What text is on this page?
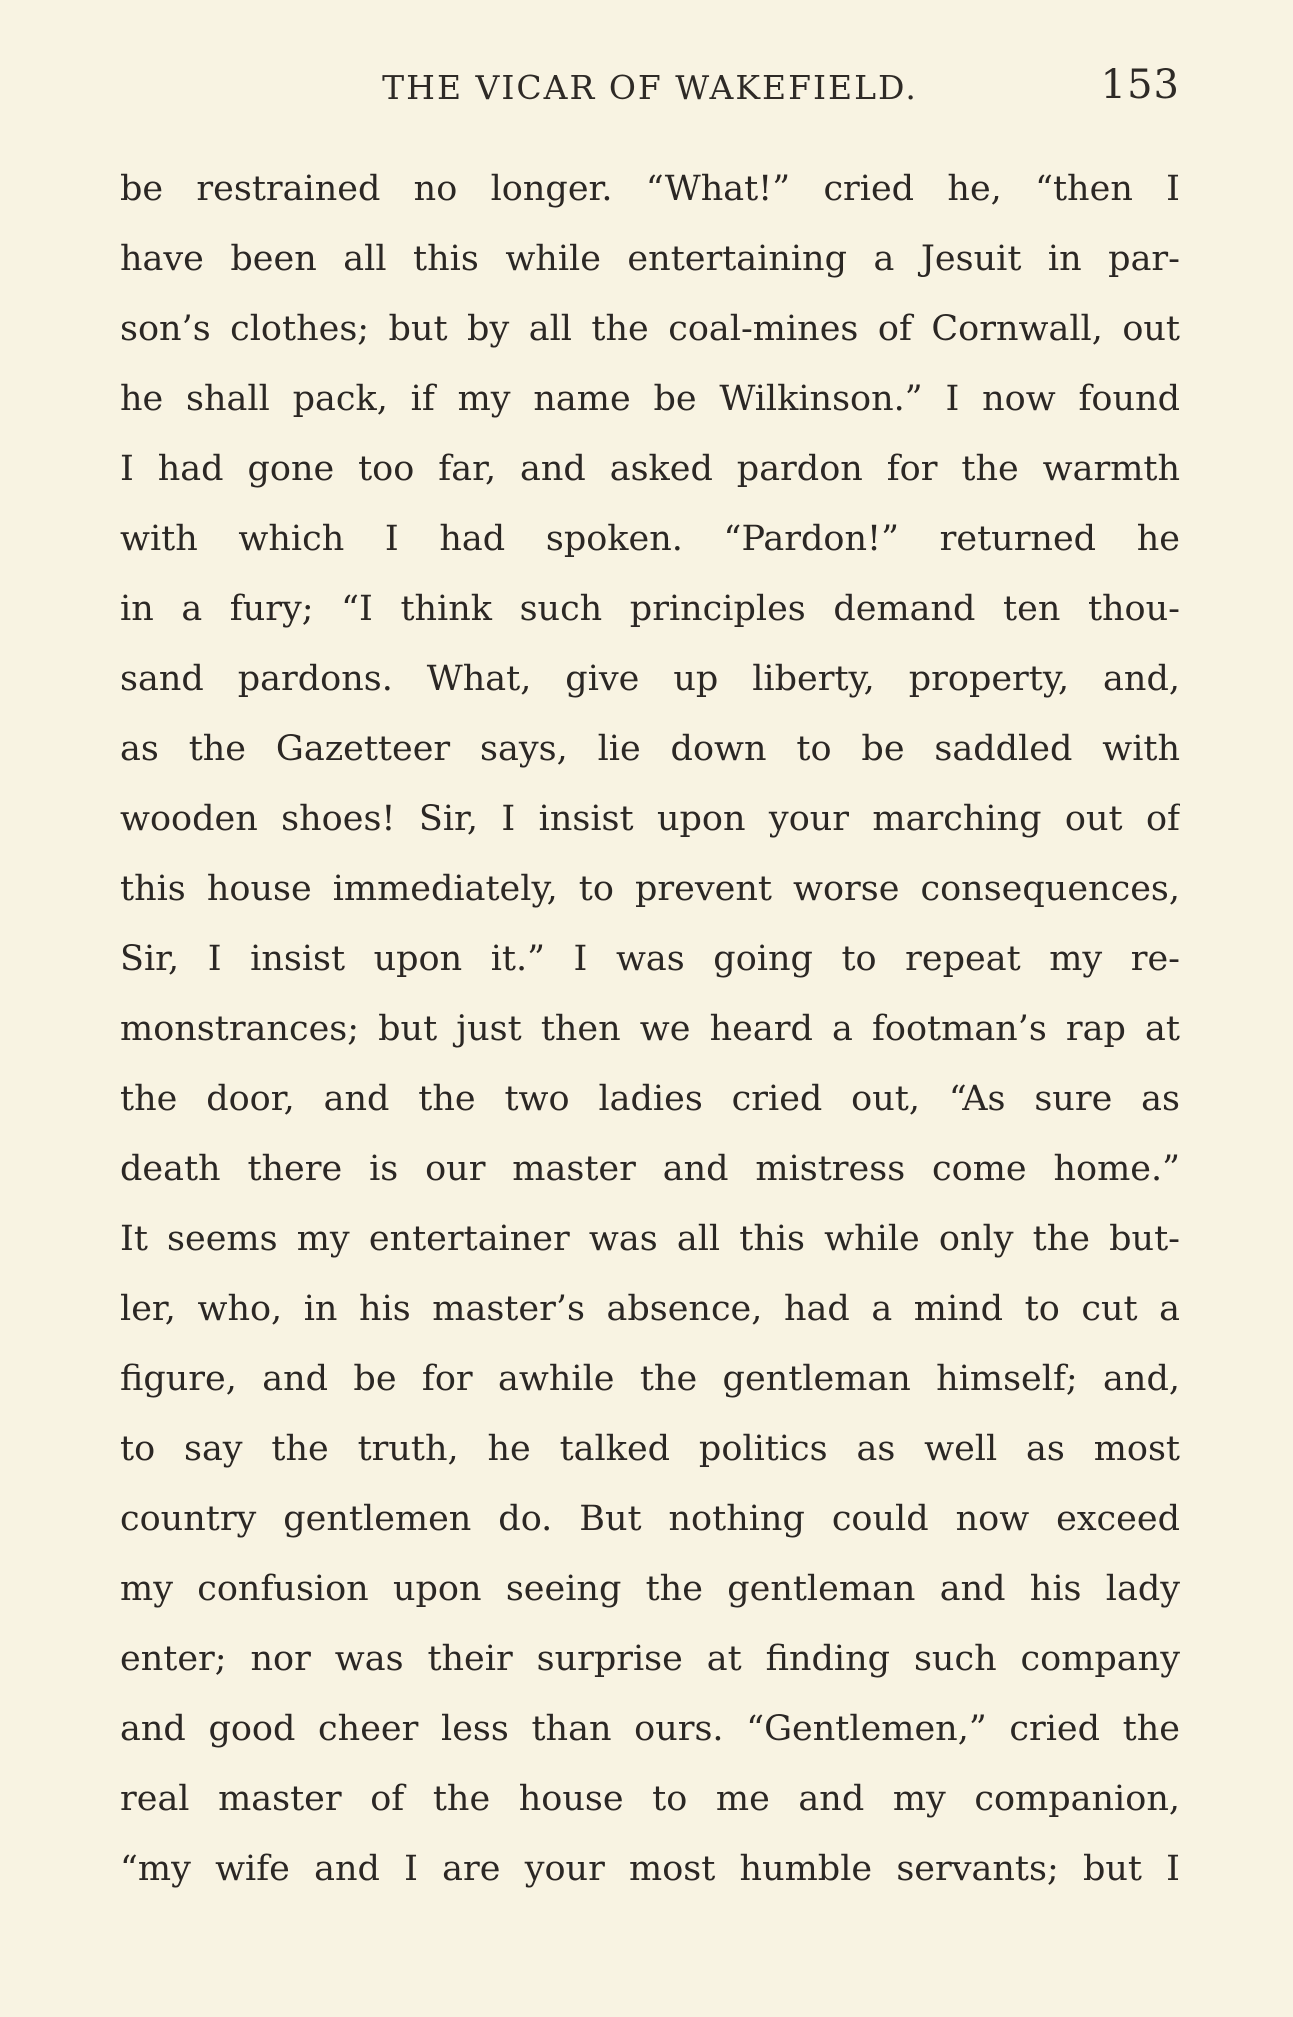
THE VICAR OF WAKEFIELD.	153
be restrained no longer. “What!” cried he, “then I
have been all this while entertaining a Jesuit in par-
son’s clothes; but by all the coal-mines of Cornwall, out
he shall pack, if my name be Wilkinson.” I now found
I had gone too far, and asked pardon for the warmth
with which I had spoken. “Pardon!” returned he
in a fury; “I think such principles demand ten thou-
sand pardons. What, give up liberty, property, and,
as the Gazetteer says, lie down to be saddled with
wooden shoes! Sir, I insist upon your marching out of
this house immediately, to prevent worse consequences,
Sir, I insist upon it.” I was going to repeat my re-
monstrances; but just then we heard a footman’s rap at
the door, and the two ladies cried out, “As sure as
death there is our master and mistress come home.”
It seems my entertainer was all this while only the but-
ler, who, in his master’s absence, had a mind to cut a
figure, and be for awhile the gentleman himself; and,
to say the truth, he talked politics as well as most
country gentlemen do. But nothing could now exceed
my confusion upon seeing the gentleman and his lady
enter; nor was their surprise at finding such company
and good cheer less than ours. “Gentlemen,” cried the
real master of the house to me and my companion,
“my wife and I are your most humble servants; but I
